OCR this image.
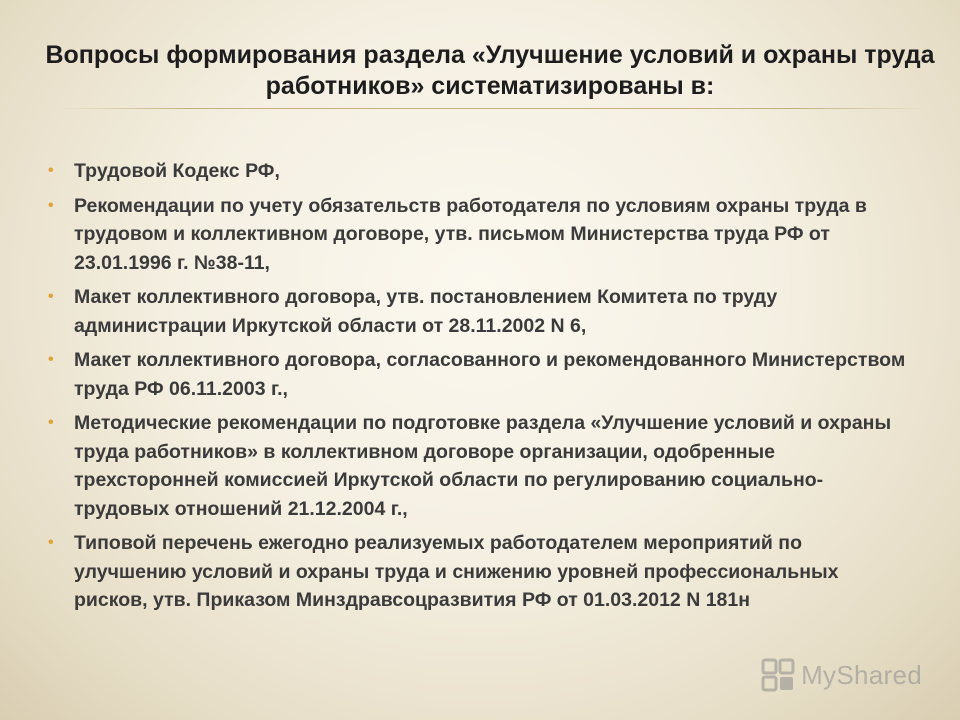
Вопросы формирования раздела «Улучшение условий и охраны труда работников» систематизированы в:
• Трудовой Кодекс РФ,
• Рекомендации по учету обязательств работодателя по условиям охраны труда в трудовом и коллективном договоре, утв. письмом Министерства труда РФ от 23.01.1996 г. №38-11,
• Макет коллективного договора, утв. постановлением Комитета по труду администрации Иркутской области от 28.11.2002 N 6,
• Макет коллективного договора, согласованного и рекомендованного Министерством труда РФ 06.11.2003 г.,
• Методические рекомендации по подготовке раздела «Улучшение условий и охраны труда работников» в коллективном договоре организации, одобренные трехсторонней комиссией Иркутской области по регулированию социально-трудовых отношений 21.12.2004 г.,
• Типовой перечень ежегодно реализуемых работодателем мероприятий по улучшению условий и охраны труда и снижению уровней профессиональных рисков, утв. Приказом Минздравсоцразвития РФ от 01.03.2012 N 181н
MyShared
